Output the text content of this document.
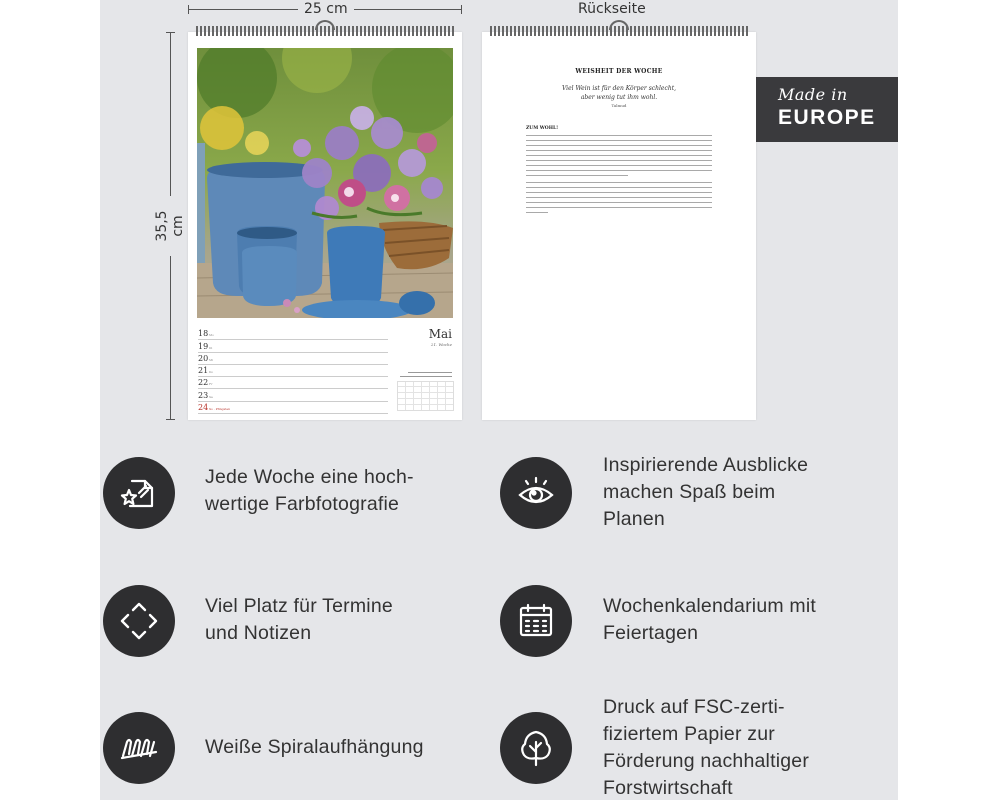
25 cm
35,5 cm
Rückseite
18 Mo
19 Di
20 Mi
21 Do
22 Fr
23 Sa
24 So · Pfingsten
Mai
21. Woche
WEISHEIT DER WOCHE
Viel Wein ist für den Körper schlecht,
aber wenig tut ihm wohl.
Talmud
ZUM WOHL!
Made in
EUROPE
Jede Woche eine hoch-
wertige Farbfotografie
Inspirierende Ausblicke
machen Spaß beim
Planen
Viel Platz für Termine
und Notizen
Wochenkalendarium mit
Feiertagen
Weiße Spiralaufhängung
Druck auf FSC-zerti-
fiziertem Papier zur
Förderung nachhaltiger
Forstwirtschaft
